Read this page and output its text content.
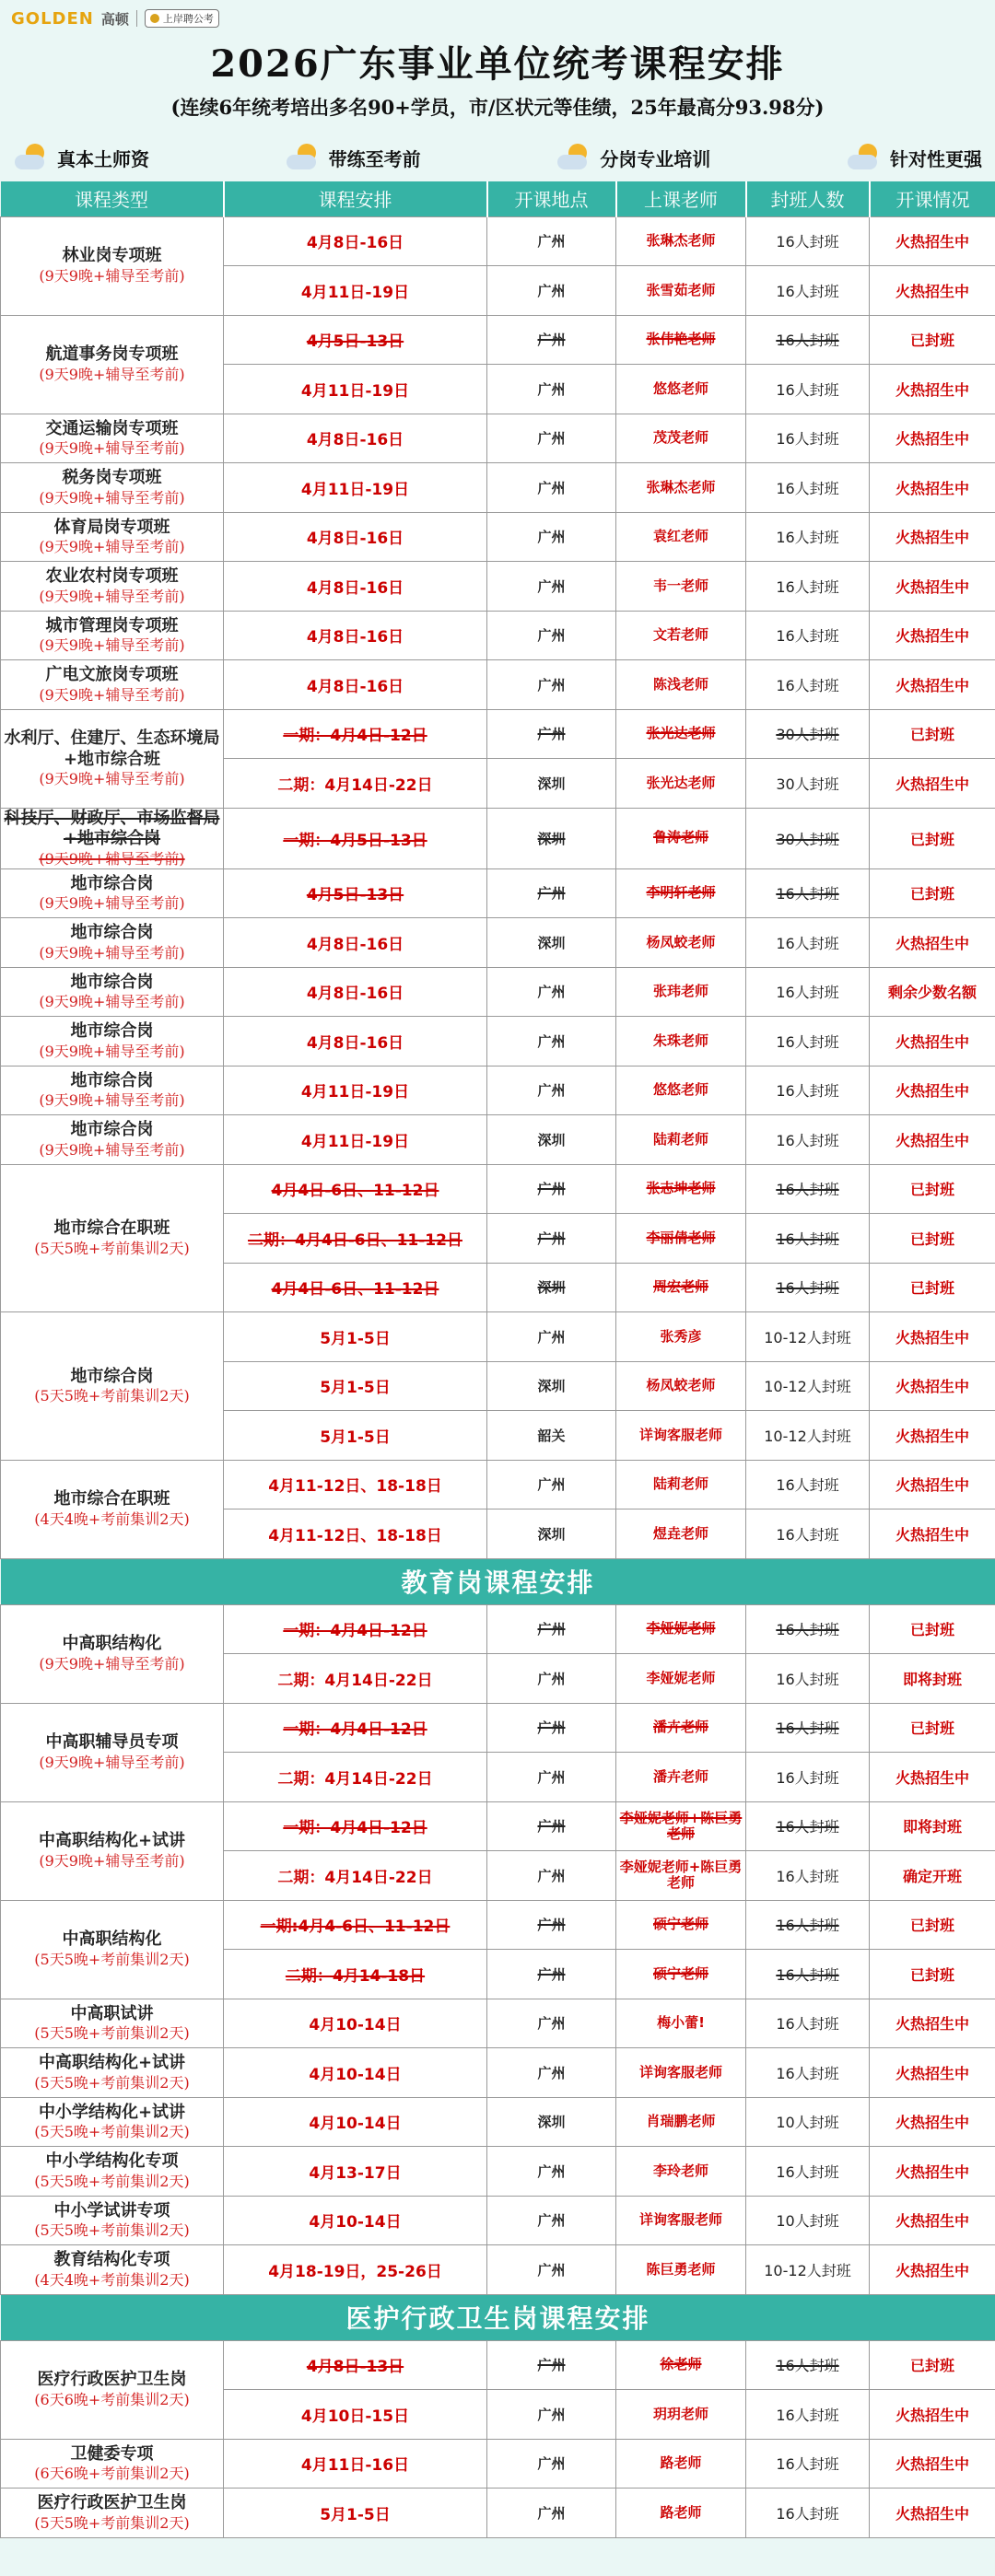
GOLDEN 高顿	上岸聘公考
2026广东事业单位统考课程安排
(连续6年统考培出多名90+学员，市/区状元等佳绩，25年最高分93.98分)
真本土师资	带练至考前	分岗专业培训	针对性更强
课程类型	课程安排	开课地点	上课老师	封班人数	开课情况

林业岗专项班
(9天9晚+辅导至考前)	4月8日-16日	广州	张琳杰老师	16人封班	火热招生中
	4月11日-19日	广州	张雪茹老师	16人封班	火热招生中

航道事务岗专项班
(9天9晚+辅导至考前)	4月5日-13日	广州	张伟艳老师	16人封班	已封班
	4月11日-19日	广州	悠悠老师	16人封班	火热招生中

交通运输岗专项班
(9天9晚+辅导至考前)	4月8日-16日	广州	茂茂老师	16人封班	火热招生中

税务岗专项班
(9天9晚+辅导至考前)	4月11日-19日	广州	张琳杰老师	16人封班	火热招生中

体育局岗专项班
(9天9晚+辅导至考前)	4月8日-16日	广州	袁红老师	16人封班	火热招生中

农业农村岗专项班
(9天9晚+辅导至考前)	4月8日-16日	广州	韦一老师	16人封班	火热招生中

城市管理岗专项班
(9天9晚+辅导至考前)	4月8日-16日	广州	文若老师	16人封班	火热招生中

广电文旅岗专项班
(9天9晚+辅导至考前)	4月8日-16日	广州	陈浅老师	16人封班	火热招生中

水利厅、住建厅、生态环境局+地市综合班
(9天9晚+辅导至考前)	一期：4月4日-12日	广州	张光达老师	30人封班	已封班
	二期：4月14日-22日	深圳	张光达老师	30人封班	火热招生中

科技厅、财政厅、市场监督局+地市综合岗
(9天9晚+辅导至考前)	一期：4月5日-13日	深圳	鲁涛老师	30人封班	已封班

地市综合岗
(9天9晚+辅导至考前)	4月5日-13日	广州	李明轩老师	16人封班	已封班

地市综合岗
(9天9晚+辅导至考前)	4月8日-16日	深圳	杨凤蛟老师	16人封班	火热招生中

地市综合岗
(9天9晚+辅导至考前)	4月8日-16日	广州	张玮老师	16人封班	剩余少数名额

地市综合岗
(9天9晚+辅导至考前)	4月8日-16日	广州	朱珠老师	16人封班	火热招生中

地市综合岗
(9天9晚+辅导至考前)	4月11日-19日	广州	悠悠老师	16人封班	火热招生中

地市综合岗
(9天9晚+辅导至考前)	4月11日-19日	深圳	陆莉老师	16人封班	火热招生中

地市综合在职班
(5天5晚+考前集训2天)	4月4日-6日、11-12日	广州	张志坤老师	16人封班	已封班
	二期：4月4日-6日、11-12日	广州	李丽倩老师	16人封班	已封班
	4月4日-6日、11-12日	深圳	周宏老师	16人封班	已封班

地市综合岗
(5天5晚+考前集训2天)	5月1-5日	广州	张秀彦	10-12人封班	火热招生中
	5月1-5日	深圳	杨凤蛟老师	10-12人封班	火热招生中
	5月1-5日	韶关	详询客服老师	10-12人封班	火热招生中

地市综合在职班
(4天4晚+考前集训2天)	4月11-12日、18-18日	广州	陆莉老师	16人封班	火热招生中
	4月11-12日、18-18日	深圳	煜垚老师	16人封班	火热招生中
教育岗课程安排					

中高职结构化
(9天9晚+辅导至考前)	一期：4月4日-12日	广州	李娅妮老师	16人封班	已封班
	二期：4月14日-22日	广州	李娅妮老师	16人封班	即将封班

中高职辅导员专项
(9天9晚+辅导至考前)	一期：4月4日-12日	广州	潘卉老师	16人封班	已封班
	二期：4月14日-22日	广州	潘卉老师	16人封班	火热招生中

中高职结构化+试讲
(9天9晚+辅导至考前)	一期：4月4日-12日	广州	李娅妮老师+陈巨勇老师	16人封班	即将封班
	二期：4月14日-22日	广州	李娅妮老师+陈巨勇老师	16人封班	确定开班

中高职结构化
(5天5晚+考前集训2天)	一期:4月4-6日、11-12日	广州	硕宁老师	16人封班	已封班
	二期：4月14-18日	广州	硕宁老师	16人封班	已封班

中高职试讲
(5天5晚+考前集训2天)	4月10-14日	广州	梅小蕾!	16人封班	火热招生中

中高职结构化+试讲
(5天5晚+考前集训2天)	4月10-14日	广州	详询客服老师	16人封班	火热招生中

中小学结构化+试讲
(5天5晚+考前集训2天)	4月10-14日	深圳	肖瑞鹏老师	10人封班	火热招生中

中小学结构化专项
(5天5晚+考前集训2天)	4月13-17日	广州	李玲老师	16人封班	火热招生中

中小学试讲专项
(5天5晚+考前集训2天)	4月10-14日	广州	详询客服老师	10人封班	火热招生中

教育结构化专项
(4天4晚+考前集训2天)	4月18-19日，25-26日	广州	陈巨勇老师	10-12人封班	火热招生中
医护行政卫生岗课程安排					

医疗行政医护卫生岗
(6天6晚+考前集训2天)	4月8日-13日	广州	徐老师	16人封班	已封班
	4月10日-15日	广州	玥玥老师	16人封班	火热招生中

卫健委专项
(6天6晚+考前集训2天)	4月11日-16日	广州	路老师	16人封班	火热招生中

医疗行政医护卫生岗
(5天5晚+考前集训2天)	5月1-5日	广州	路老师	16人封班	火热招生中
